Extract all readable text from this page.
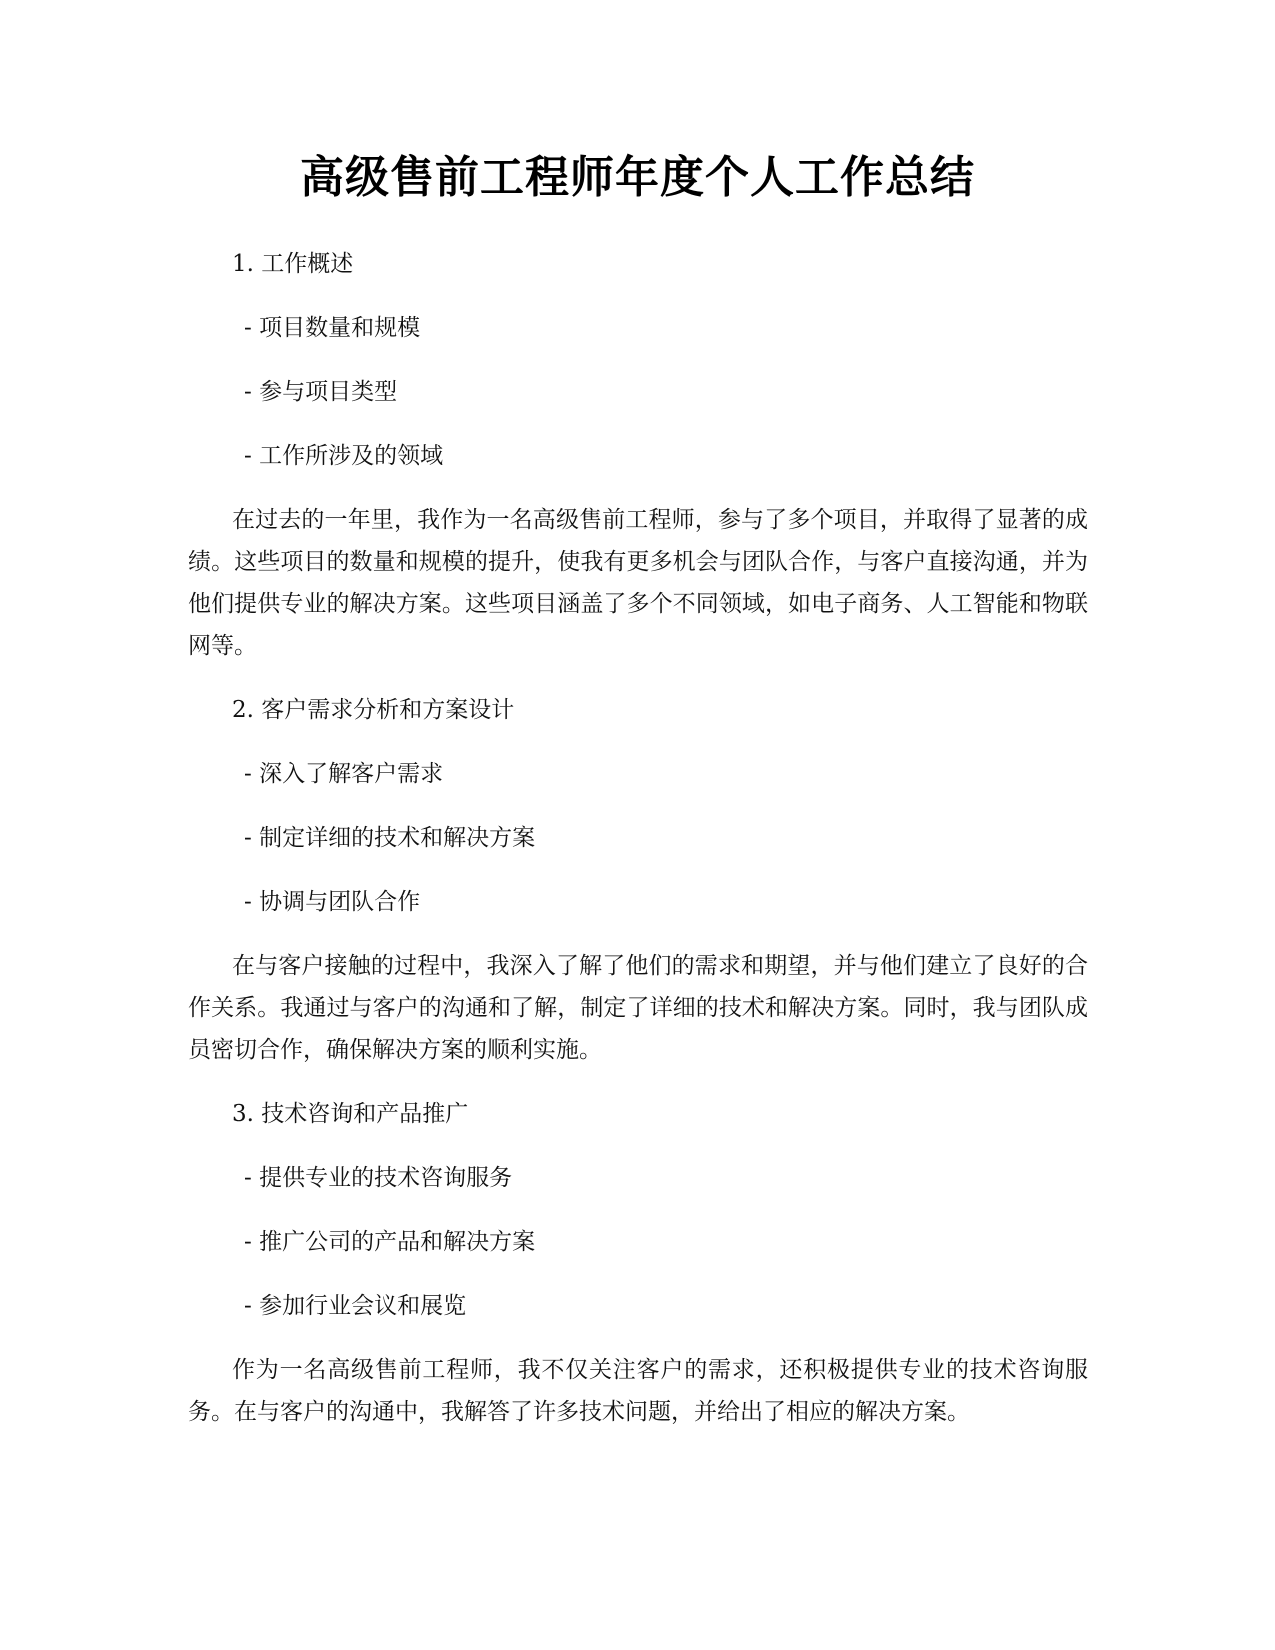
高级售前工程师年度个人工作总结

1. 工作概述

- 项目数量和规模

- 参与项目类型

- 工作所涉及的领域

在过去的一年里，我作为一名高级售前工程师，参与了多个项目，并取得了显著的成绩。这些项目的数量和规模的提升，使我有更多机会与团队合作，与客户直接沟通，并为他们提供专业的解决方案。这些项目涵盖了多个不同领域，如电子商务、人工智能和物联网等。

2. 客户需求分析和方案设计

- 深入了解客户需求

- 制定详细的技术和解决方案

- 协调与团队合作

在与客户接触的过程中，我深入了解了他们的需求和期望，并与他们建立了良好的合作关系。我通过与客户的沟通和了解，制定了详细的技术和解决方案。同时，我与团队成员密切合作，确保解决方案的顺利实施。

3. 技术咨询和产品推广

- 提供专业的技术咨询服务

- 推广公司的产品和解决方案

- 参加行业会议和展览

作为一名高级售前工程师，我不仅关注客户的需求，还积极提供专业的技术咨询服务。在与客户的沟通中，我解答了许多技术问题，并给出了相应的解决方案。
